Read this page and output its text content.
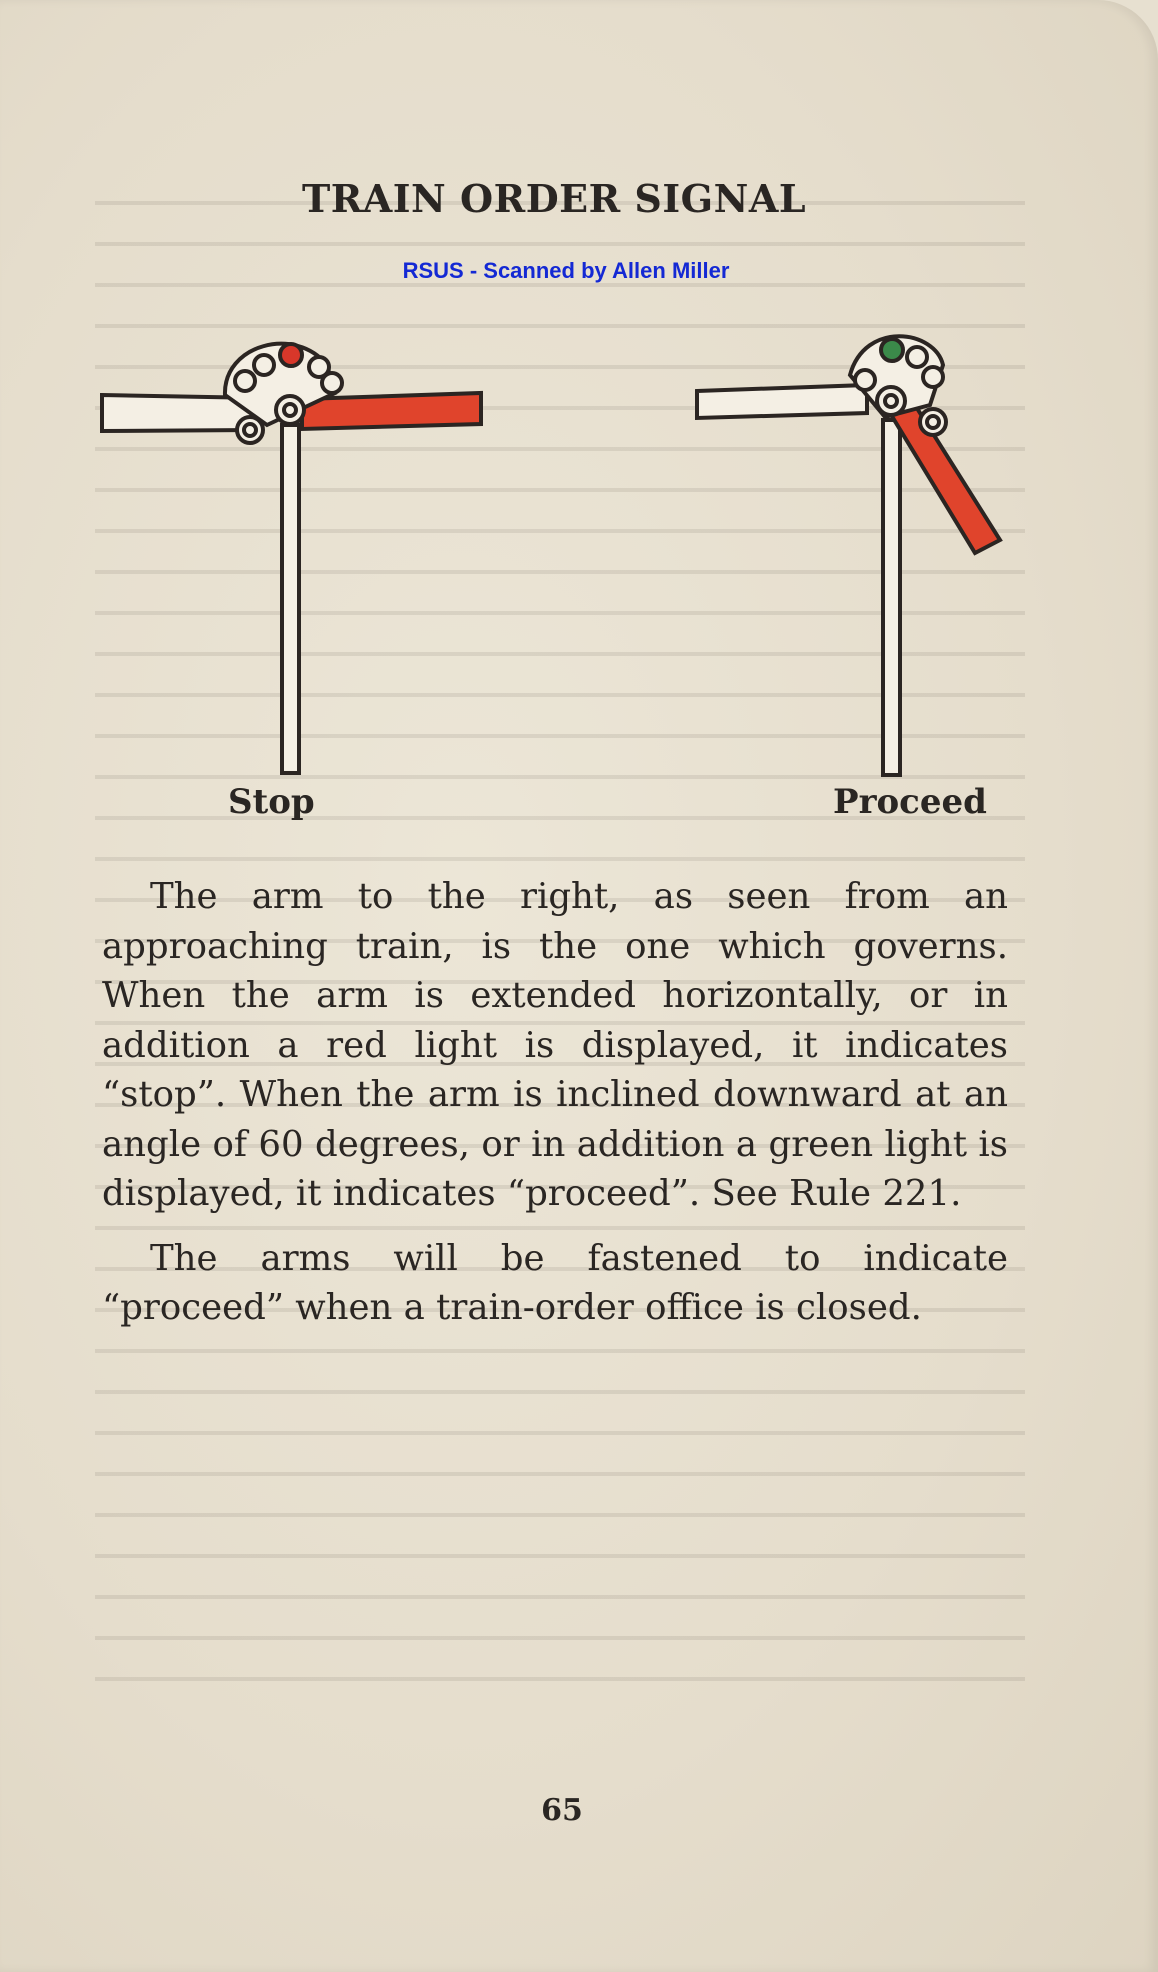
TRAIN ORDER SIGNAL
RSUS - Scanned by Allen Miller
Stop	Proceed

The arm to the right, as seen from an approaching train, is the one which governs. When the arm is extended horizontally, or in addition a red light is displayed, it indicates “stop”. When the arm is inclined downward at an angle of 60 degrees, or in addition a green light is displayed, it indicates “proceed”. See Rule 221.

The arms will be fastened to indicate “proceed” when a train-order office is closed.

65
